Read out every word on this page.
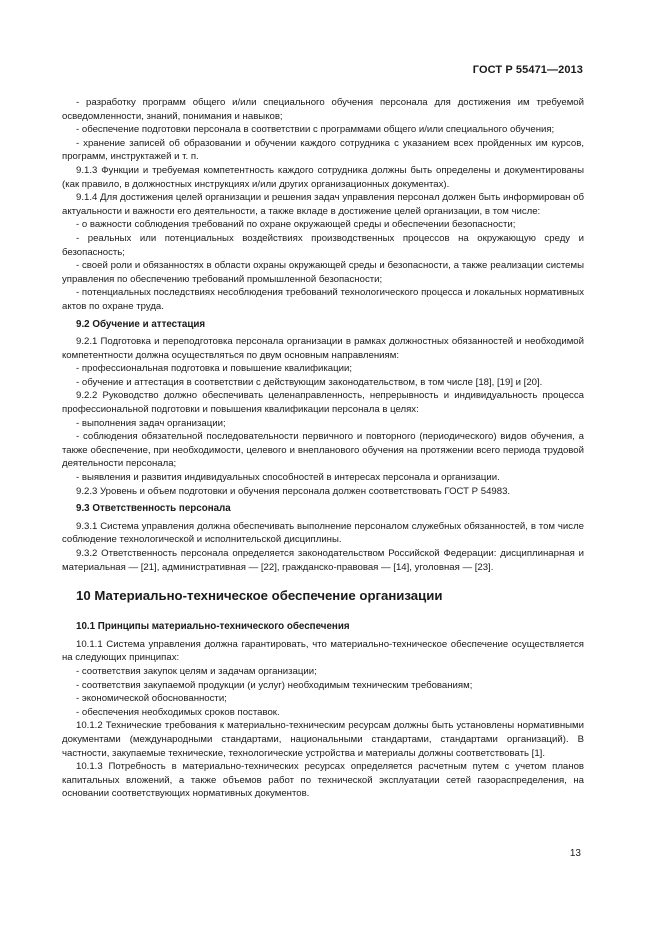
ГОСТ Р 55471—2013

- разработку программ общего и/или специального обучения персонала для достижения им требуемой осведомленности, знаний, понимания и навыков;

- обеспечение подготовки персонала в соответствии с программами общего и/или специального обучения;

- хранение записей об образовании и обучении каждого сотрудника с указанием всех пройденных им курсов, программ, инструктажей и т. п.

9.1.3 Функции и требуемая компетентность каждого сотрудника должны быть определены и документированы (как правило, в должностных инструкциях и/или других организационных документах).

9.1.4 Для достижения целей организации и решения задач управления персонал должен быть информирован об актуальности и важности его деятельности, а также вкладе в достижение целей организации, в том числе:

- о важности соблюдения требований по охране окружающей среды и обеспечении безопасности;

- реальных или потенциальных воздействиях производственных процессов на окружающую среду и безопасность;

- своей роли и обязанностях в области охраны окружающей среды и безопасности, а также реализации системы управления по обеспечению требований промышленной безопасности;

- потенциальных последствиях несоблюдения требований технологического процесса и локальных нормативных актов по охране труда.

9.2 Обучение и аттестация

9.2.1 Подготовка и переподготовка персонала организации в рамках должностных обязанностей и необходимой компетентности должна осуществляться по двум основным направлениям:

- профессиональная подготовка и повышение квалификации;

- обучение и аттестация в соответствии с действующим законодательством, в том числе [18], [19] и [20].

9.2.2 Руководство должно обеспечивать целенаправленность, непрерывность и индивидуальность процесса профессиональной подготовки и повышения квалификации персонала в целях:

- выполнения задач организации;

- соблюдения обязательной последовательности первичного и повторного (периодического) видов обучения, а также обеспечение, при необходимости, целевого и внепланового обучения на протяжении всего периода трудовой деятельности персонала;

- выявления и развития индивидуальных способностей в интересах персонала и организации.

9.2.3 Уровень и объем подготовки и обучения персонала должен соответствовать ГОСТ Р 54983.

9.3 Ответственность персонала

9.3.1 Система управления должна обеспечивать выполнение персоналом служебных обязанностей, в том числе соблюдение технологической и исполнительской дисциплины.

9.3.2 Ответственность персонала определяется законодательством Российской Федерации: дисциплинарная и материальная — [21], административная — [22], гражданско-правовая — [14], уголовная — [23].

10 Материально-техническое обеспечение организации
10.1 Принципы материально-технического обеспечения

10.1.1 Система управления должна гарантировать, что материально-техническое обеспечение осуществляется на следующих принципах:

- соответствия закупок целям и задачам организации;

- соответствия закупаемой продукции (и услуг) необходимым техническим требованиям;

- экономической обоснованности;

- обеспечения необходимых сроков поставок.

10.1.2 Технические требования к материально-техническим ресурсам должны быть установлены нормативными документами (международными стандартами, национальными стандартами, стандартами организаций). В частности, закупаемые технические, технологические устройства и материалы должны соответствовать [1].

10.1.3 Потребность в материально-технических ресурсах определяется расчетным путем с учетом планов капитальных вложений, а также объемов работ по технической эксплуатации сетей газораспределения, на основании соответствующих нормативных документов.

13
